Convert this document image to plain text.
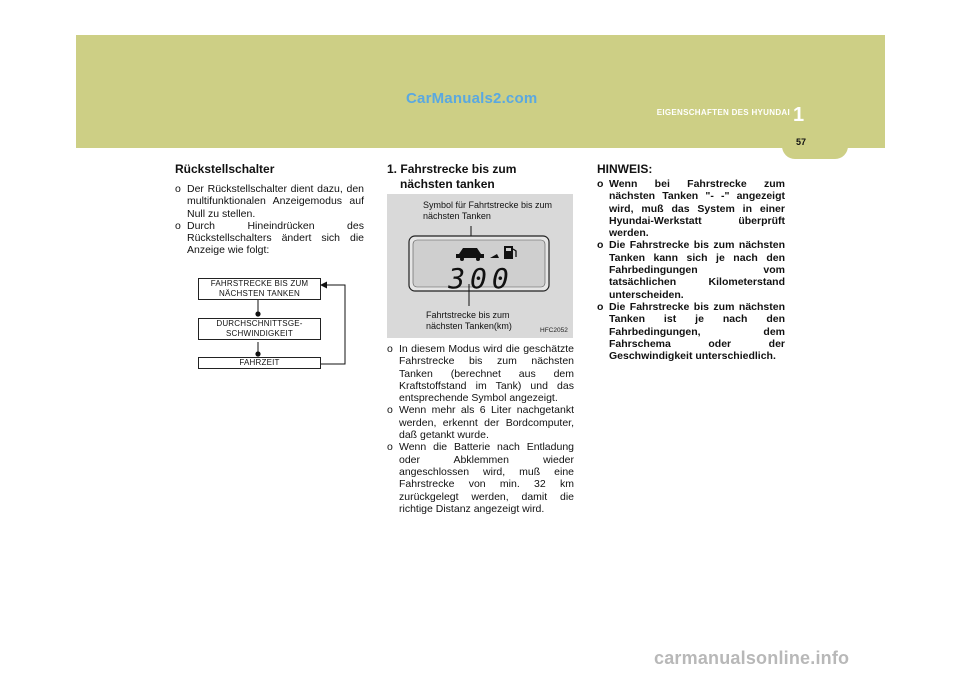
CarManuals2.com
EIGENSCHAFTEN DES HYUNDAI 1
57

Rückstellschalter

o Der Rückstellschalter dient dazu, den multifunktionalen Anzeigemodus auf Null zu stellen.

o Durch Hineindrücken des Rückstellschalters ändert sich die Anzeige wie folgt:

FAHRSTRECKE BIS ZUM NÄCHSTEN TANKEN
DURCHSCHNITTSGE-SCHWINDIGKEIT
FAHRZEIT

1. Fahrstrecke bis zum
nächsten tanken

Symbol für Fahrtstrecke bis zum nächsten Tanken
300
Fahrtstrecke bis zum nächsten Tanken(km)	HFC2052

o In diesem Modus wird die geschätzte Fahrstrecke bis zum nächsten Tanken (berechnet aus dem Kraftstoffstand im Tank) und das entsprechende Symbol angezeigt.

o Wenn mehr als 6 Liter nachgetankt werden, erkennt der Bordcomputer, daß getankt wurde.

o Wenn die Batterie nach Entladung oder Abklemmen wieder angeschlossen wird, muß eine Fahrstrecke von min. 32 km zurückgelegt werden, damit die richtige Distanz angezeigt wird.

HINWEIS:

o Wenn bei Fahrstrecke zum nächsten Tanken "- -" angezeigt wird, muß das System in einer Hyundai-Werkstatt überprüft werden.

o Die Fahrstrecke bis zum nächsten Tanken kann sich je nach den Fahrbedingungen vom tatsächlichen Kilometerstand unterscheiden.

o Die Fahrstrecke bis zum nächsten Tanken ist je nach den Fahrbedingungen, dem Fahrschema oder der Geschwindigkeit unterschiedlich.

carmanualsonline.info
